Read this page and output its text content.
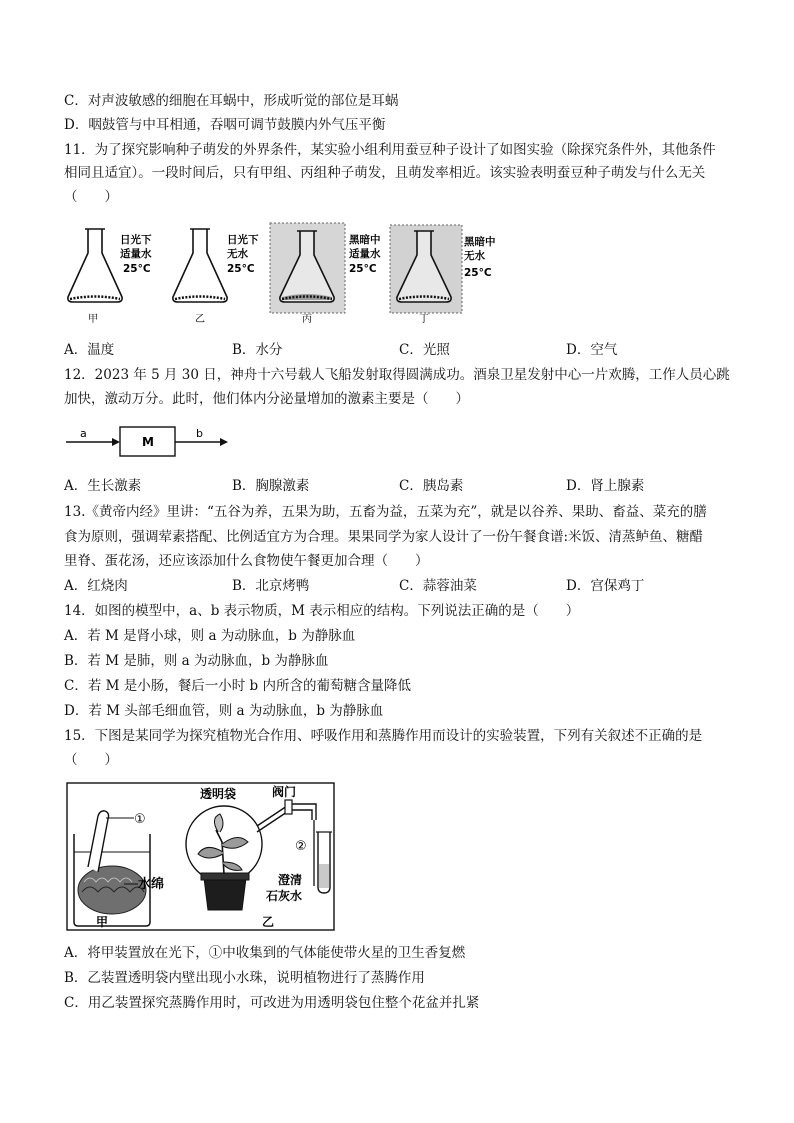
C．对声波敏感的细胞在耳蜗中，形成听觉的部位是耳蜗
D．咽鼓管与中耳相通，吞咽可调节鼓膜内外气压平衡
11．为了探究影响种子萌发的外界条件，某实验小组利用蚕豆种子设计了如图实验（除探究条件外，其他条件
相同且适宜）。一段时间后，只有甲组、丙组种子萌发，且萌发率相近。该实验表明蚕豆种子萌发与什么无关
（　　）
日光下
适量水
25°C
日光下
无水
25°C
黑暗中
适量水
25°C
黑暗中
无水
25°C
甲	乙	丙	丁
A．温度	B．水分	C．光照	D．空气
12．2023 年 5 月 30 日，神舟十六号载人飞船发射取得圆满成功。酒泉卫星发射中心一片欢腾，工作人员心跳
加快，激动万分。此时，他们体内分泌量增加的激素主要是（　　）
a
M
b
A．生长激素	B．胸腺激素	C．胰岛素	D．肾上腺素
13.《黄帝内经》里讲：“五谷为养，五果为助，五畜为益，五菜为充”，就是以谷养、果助、畜益、菜充的膳
食为原则，强调荤素搭配、比例适宜方为合理。果果同学为家人设计了一份午餐食谱:米饭、清蒸鲈鱼、糖醋
里脊、蛋花汤，还应该添加什么食物使午餐更加合理（　　）
A．红烧肉	B．北京烤鸭	C．蒜蓉油菜	D．宫保鸡丁
14．如图的模型中，a、b 表示物质，M 表示相应的结构。下列说法正确的是（　　）
A．若 M 是肾小球，则 a 为动脉血，b 为静脉血
B．若 M 是肺，则 a 为动脉血，b 为静脉血
C．若 M 是小肠，餐后一小时 b 内所含的葡萄糖含量降低
D．若 M 头部毛细血管，则 a 为动脉血，b 为静脉血
15．下图是某同学为探究植物光合作用、呼吸作用和蒸腾作用而设计的实验装置，下列有关叙述不正确的是
（　　）
①
水绵
甲
透明袋	阀门
②
澄清
石灰水
乙
A．将甲装置放在光下，①中收集到的气体能使带火星的卫生香复燃
B．乙装置透明袋内壁出现小水珠，说明植物进行了蒸腾作用
C．用乙装置探究蒸腾作用时，可改进为用透明袋包住整个花盆并扎紧
